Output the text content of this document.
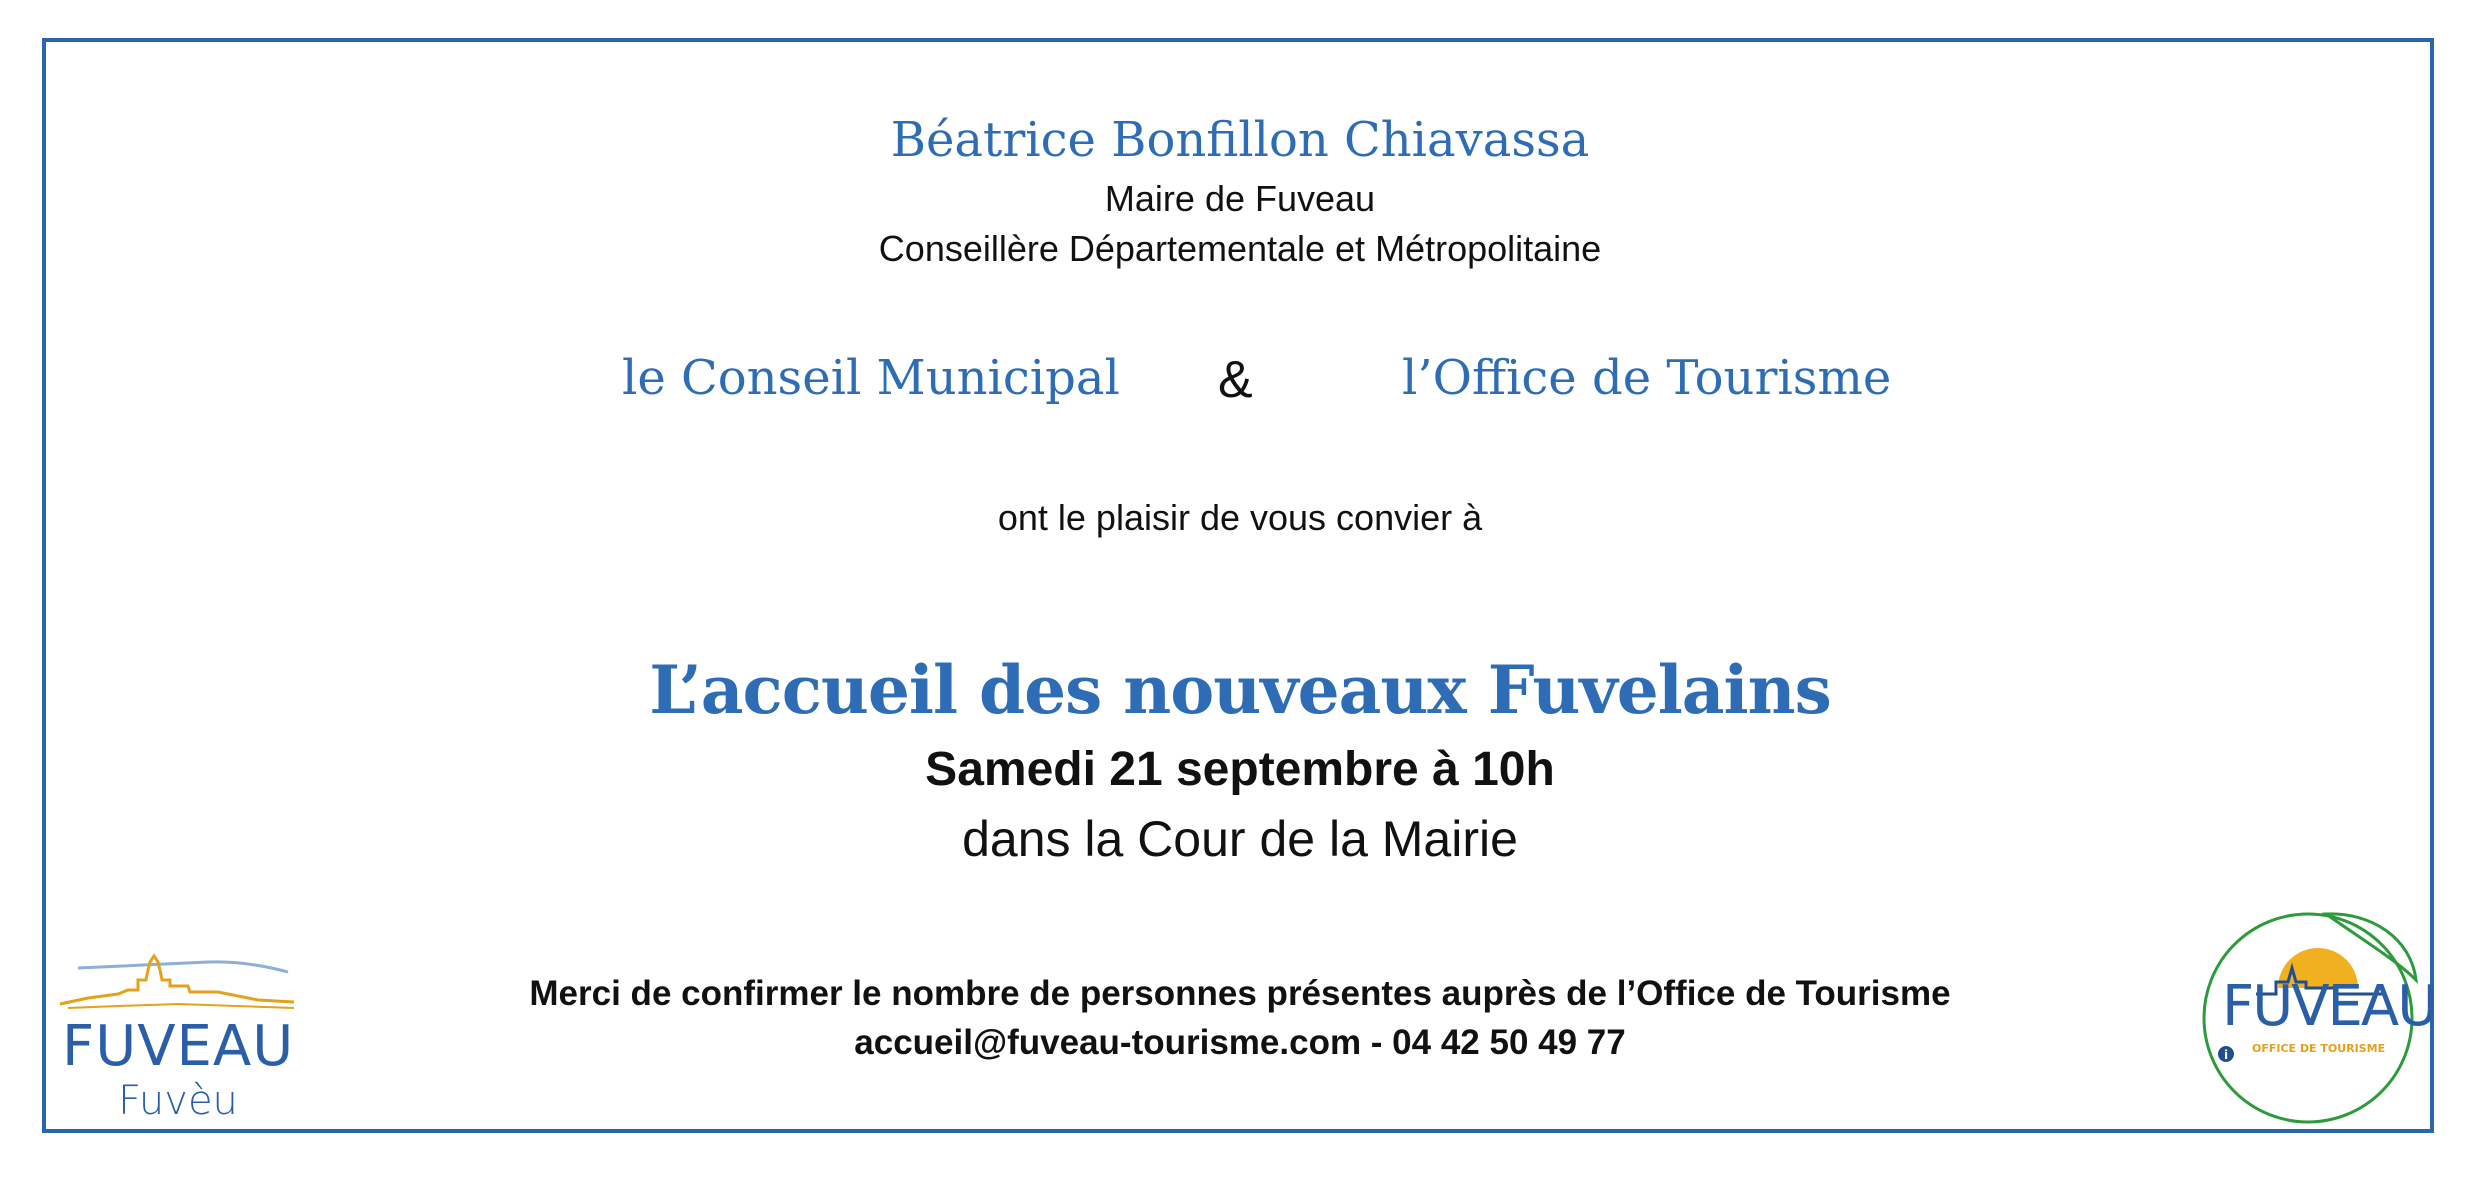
Béatrice Bonfillon Chiavassa
Maire de Fuveau
Conseillère Départementale et Métropolitaine
le Conseil Municipal &	l’Office de Tourisme
ont le plaisir de vous convier à
L’accueil des nouveaux Fuvelains
Samedi 21 septembre à 10h
dans la Cour de la Mairie
Merci de confirmer le nombre de personnes présentes auprès de l’Office de Tourisme
accueil@fuveau-tourisme.com - 04 42 50 49 77
FUVEAU
Fuvèu
i
FUVEAU
OFFICE DE TOURISME
